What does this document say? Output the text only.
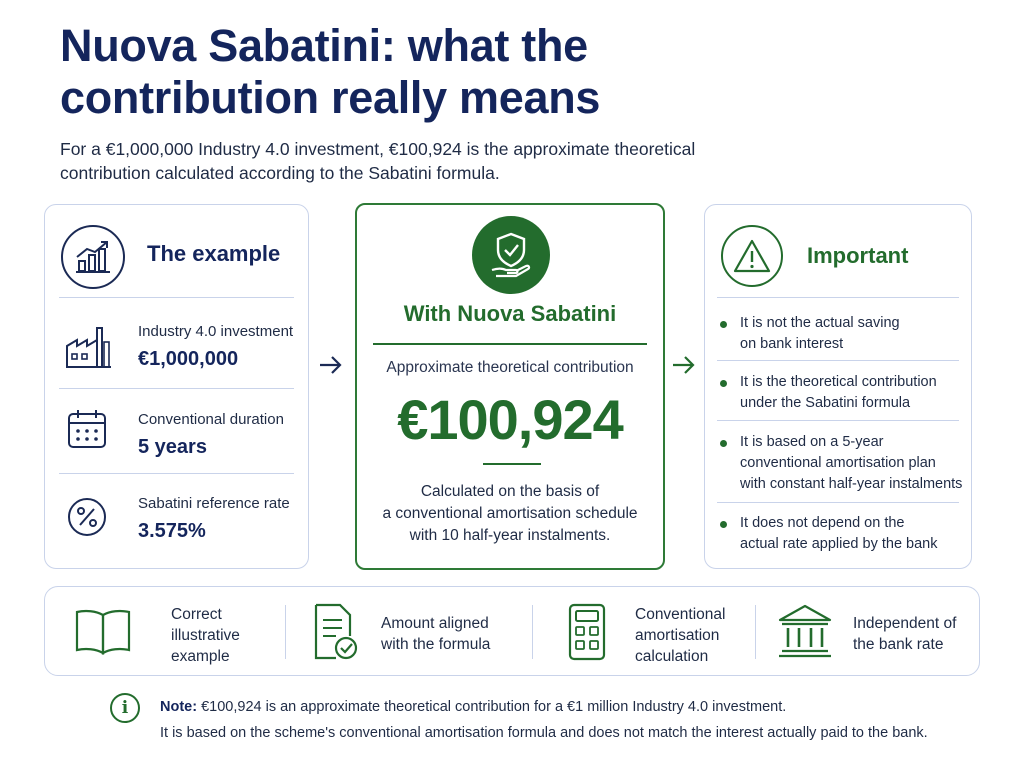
Nuova Sabatini: what the contribution really means
For a €1,000,000 Industry 4.0 investment, €100,924 is the approximate theoretical contribution calculated according to the Sabatini formula.
The example
Industry 4.0 investment
€1,000,000
Conventional duration
5 years
Sabatini reference rate
3.575%
With Nuova Sabatini
Approximate theoretical contribution
€100,924
Calculated on the basis of
a conventional amortisation schedule
with 10 half-year instalments.
Important
It is not the actual saving
on bank interest
It is the theoretical contribution
under the Sabatini formula
It is based on a 5-year
conventional amortisation plan
with constant half-year instalments
It does not depend on the
actual rate applied by the bank
Correct
illustrative
example
Amount aligned
with the formula
Conventional
amortisation
calculation
Independent of
the bank rate
i	Note: €100,924 is an approximate theoretical contribution for a €1 million Industry 4.0 investment.
It is based on the scheme's conventional amortisation formula and does not match the interest actually paid to the bank.
